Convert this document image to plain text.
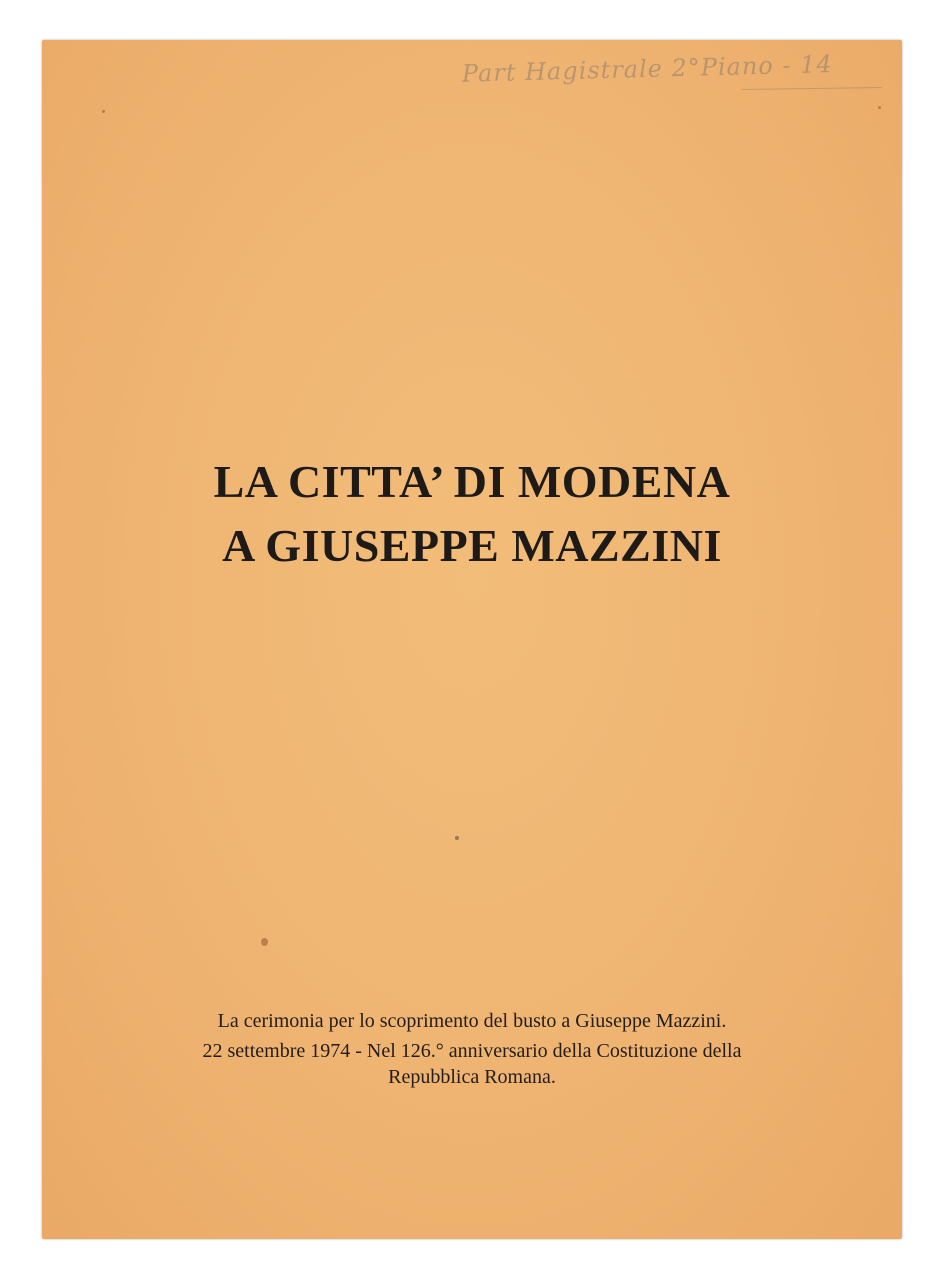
Part Hagistrale 2°Piano - 14
LA CITTA’ DI MODENA
A GIUSEPPE MAZZINI
La cerimonia per lo scoprimento del busto a Giuseppe Mazzini.
22 settembre 1974 - Nel 126.° anniversario della Costituzione della
Repubblica Romana.
